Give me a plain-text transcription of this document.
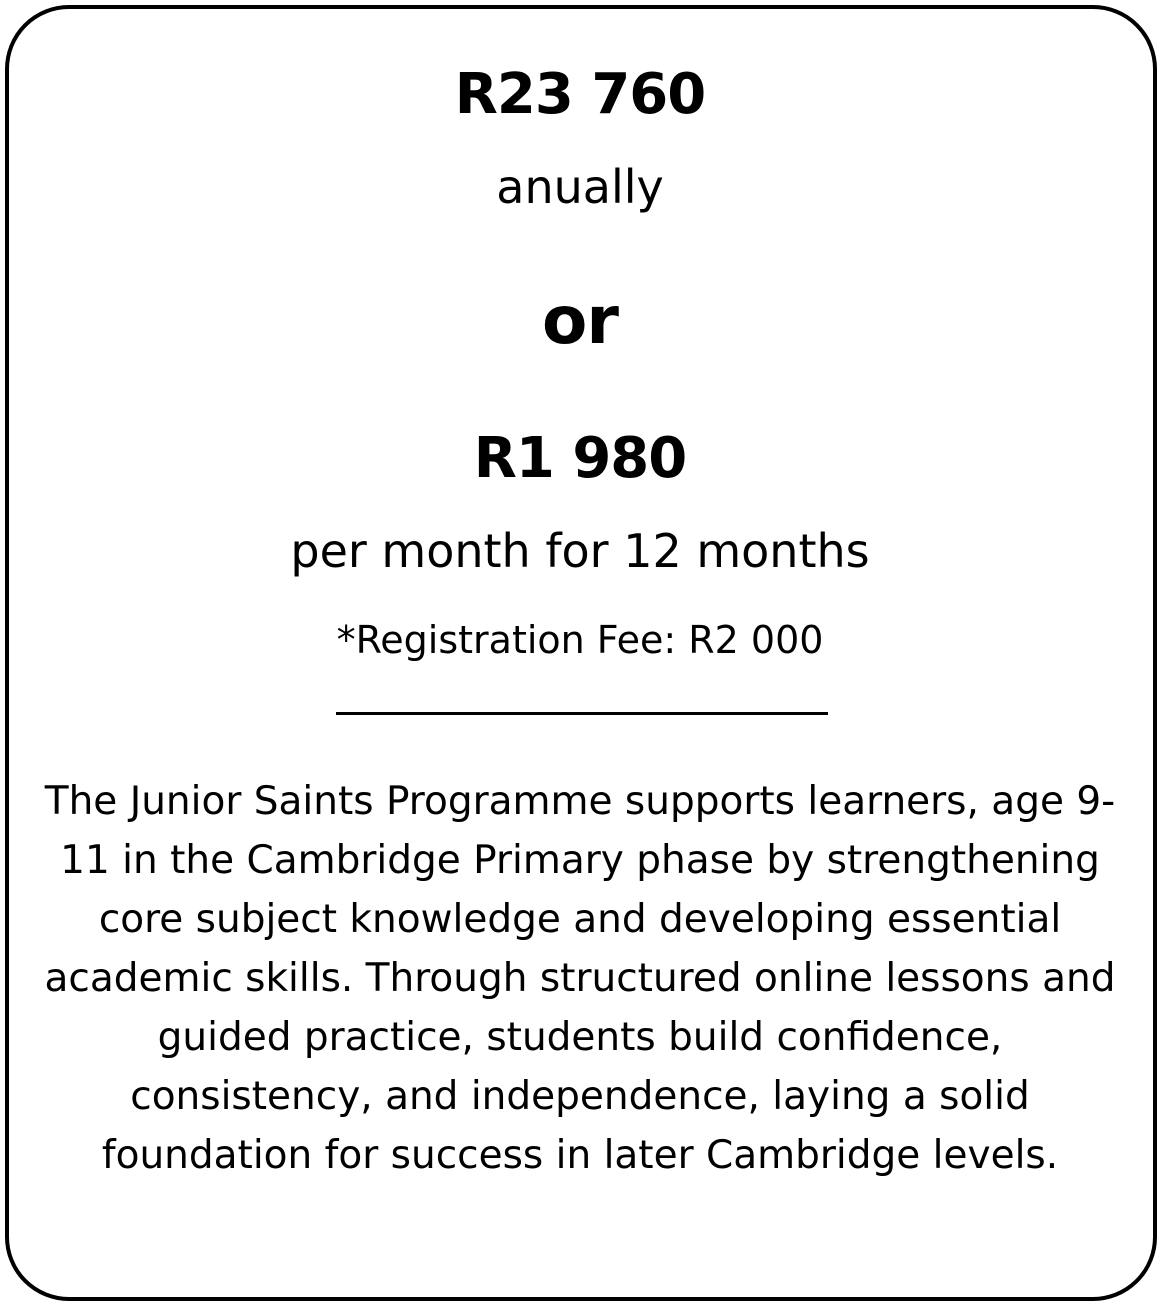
R23 760
anually
or
R1 980
per month for 12 months
*Registration Fee: R2 000
The Junior Saints Programme supports learners, age 9-11 in the Cambridge Primary phase by strengthening core subject knowledge and developing essential academic skills. Through structured online lessons and guided practice, students build confidence, consistency, and independence, laying a solid foundation for success in later Cambridge levels.
